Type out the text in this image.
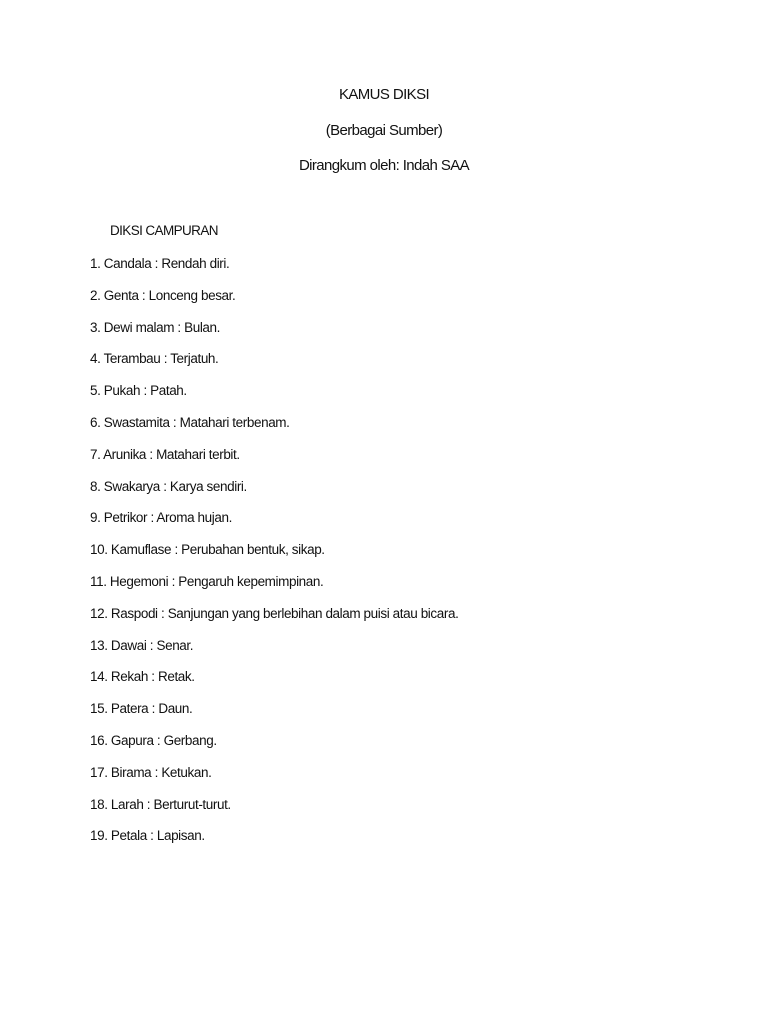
KAMUS DIKSI
(Berbagai Sumber)
Dirangkum oleh: Indah SAA
DIKSI CAMPURAN
1. Candala : Rendah diri.
2. Genta : Lonceng besar.
3. Dewi malam : Bulan.
4. Terambau : Terjatuh.
5. Pukah : Patah.
6. Swastamita : Matahari terbenam.
7. Arunika : Matahari terbit.
8. Swakarya : Karya sendiri.
9. Petrikor : Aroma hujan.
10. Kamuflase : Perubahan bentuk, sikap.
11. Hegemoni : Pengaruh kepemimpinan.
12. Raspodi : Sanjungan yang berlebihan dalam puisi atau bicara.
13. Dawai : Senar.
14. Rekah : Retak.
15. Patera : Daun.
16. Gapura : Gerbang.
17. Birama : Ketukan.
18. Larah : Berturut-turut.
19. Petala : Lapisan.
